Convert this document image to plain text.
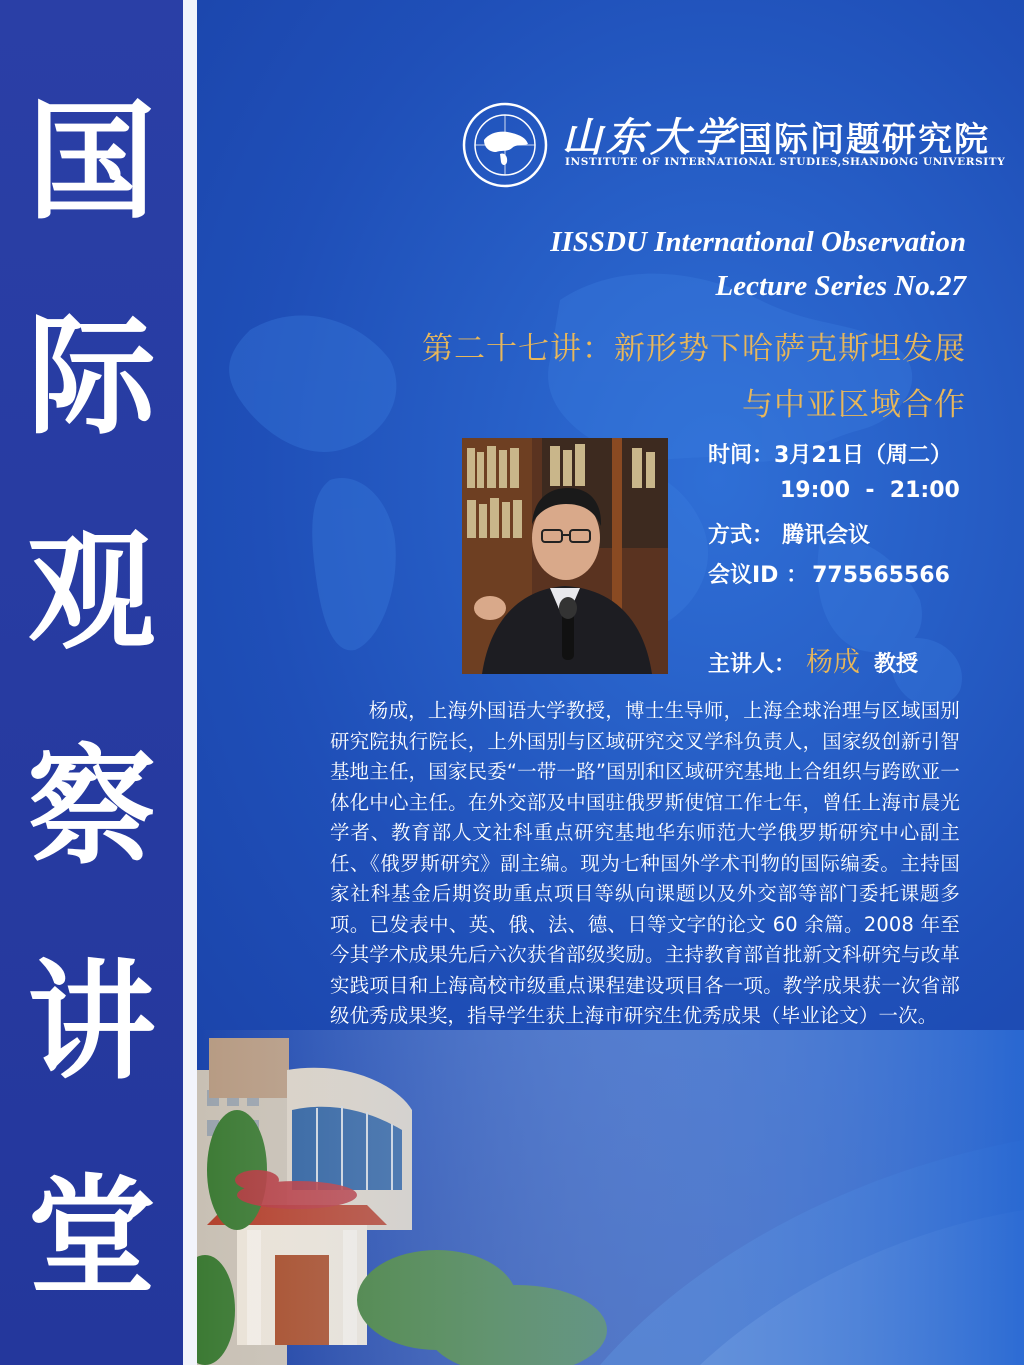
国
际
观
察
讲
堂
山东大学国际问题研究院
INSTITUTE OF INTERNATIONAL STUDIES,SHANDONG UNIVERSITY
IISSDU International Observation
Lecture Series No.27
第二十七讲：新形势下哈萨克斯坦发展
与中亚区域合作
时间：3月21日（周二）
19:00  -  21:00
方式： 腾讯会议
会议ID ： 775565566
主讲人： 杨成 教授
杨成，上海外国语大学教授，博士生导师，上海全球治理与区域国别研究院执行院长，上外国别与区域研究交叉学科负责人，国家级创新引智基地主任，国家民委“一带一路”国别和区域研究基地上合组织与跨欧亚一体化中心主任。在外交部及中国驻俄罗斯使馆工作七年，曾任上海市晨光学者、教育部人文社科重点研究基地华东师范大学俄罗斯研究中心副主任、《俄罗斯研究》副主编。现为七种国外学术刊物的国际编委。主持国家社科基金后期资助重点项目等纵向课题以及外交部等部门委托课题多项。已发表中、英、俄、法、德、日等文字的论文 60 余篇。2008 年至今其学术成果先后六次获省部级奖励。主持教育部首批新文科研究与改革实践项目和上海高校市级重点课程建设项目各一项。教学成果获一次省部级优秀成果奖，指导学生获上海市研究生优秀成果（毕业论文）一次。
